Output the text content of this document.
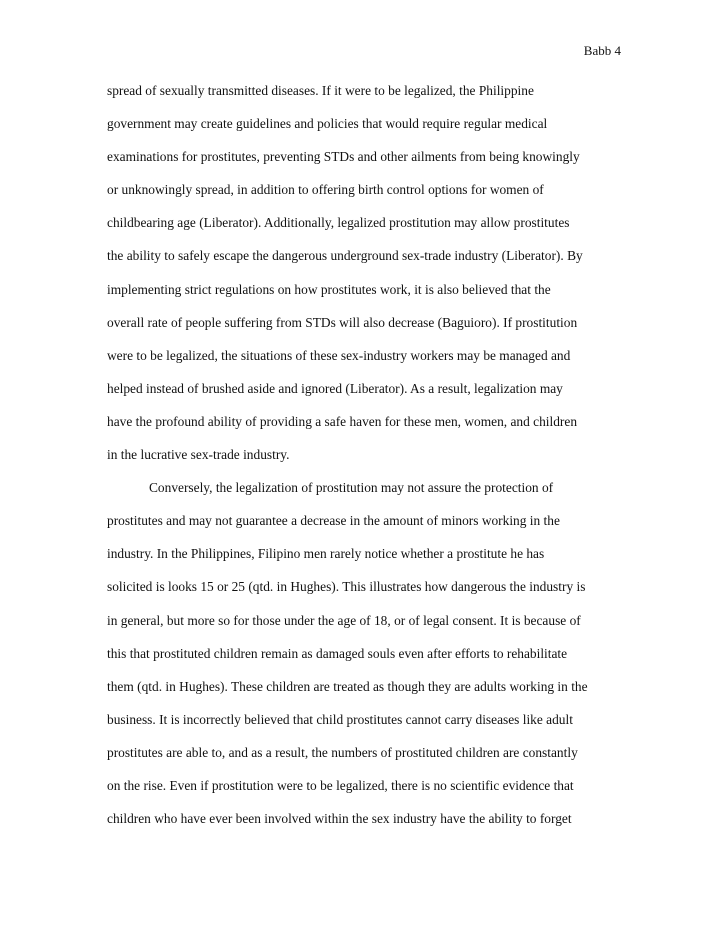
Babb 4
spread of sexually transmitted diseases. If it were to be legalized, the Philippine
government may create guidelines and policies that would require regular medical
examinations for prostitutes, preventing STDs and other ailments from being knowingly
or unknowingly spread, in addition to offering birth control options for women of
childbearing age (Liberator). Additionally, legalized prostitution may allow prostitutes
the ability to safely escape the dangerous underground sex-trade industry (Liberator). By
implementing strict regulations on how prostitutes work, it is also believed that the
overall rate of people suffering from STDs will also decrease (Baguioro). If prostitution
were to be legalized, the situations of these sex-industry workers may be managed and
helped instead of brushed aside and ignored (Liberator). As a result, legalization may
have the profound ability of providing a safe haven for these men, women, and children
in the lucrative sex-trade industry.
Conversely, the legalization of prostitution may not assure the protection of
prostitutes and may not guarantee a decrease in the amount of minors working in the
industry. In the Philippines, Filipino men rarely notice whether a prostitute he has
solicited is looks 15 or 25 (qtd. in Hughes). This illustrates how dangerous the industry is
in general, but more so for those under the age of 18, or of legal consent. It is because of
this that prostituted children remain as damaged souls even after efforts to rehabilitate
them (qtd. in Hughes). These children are treated as though they are adults working in the
business. It is incorrectly believed that child prostitutes cannot carry diseases like adult
prostitutes are able to, and as a result, the numbers of prostituted children are constantly
on the rise. Even if prostitution were to be legalized, there is no scientific evidence that
children who have ever been involved within the sex industry have the ability to forget
